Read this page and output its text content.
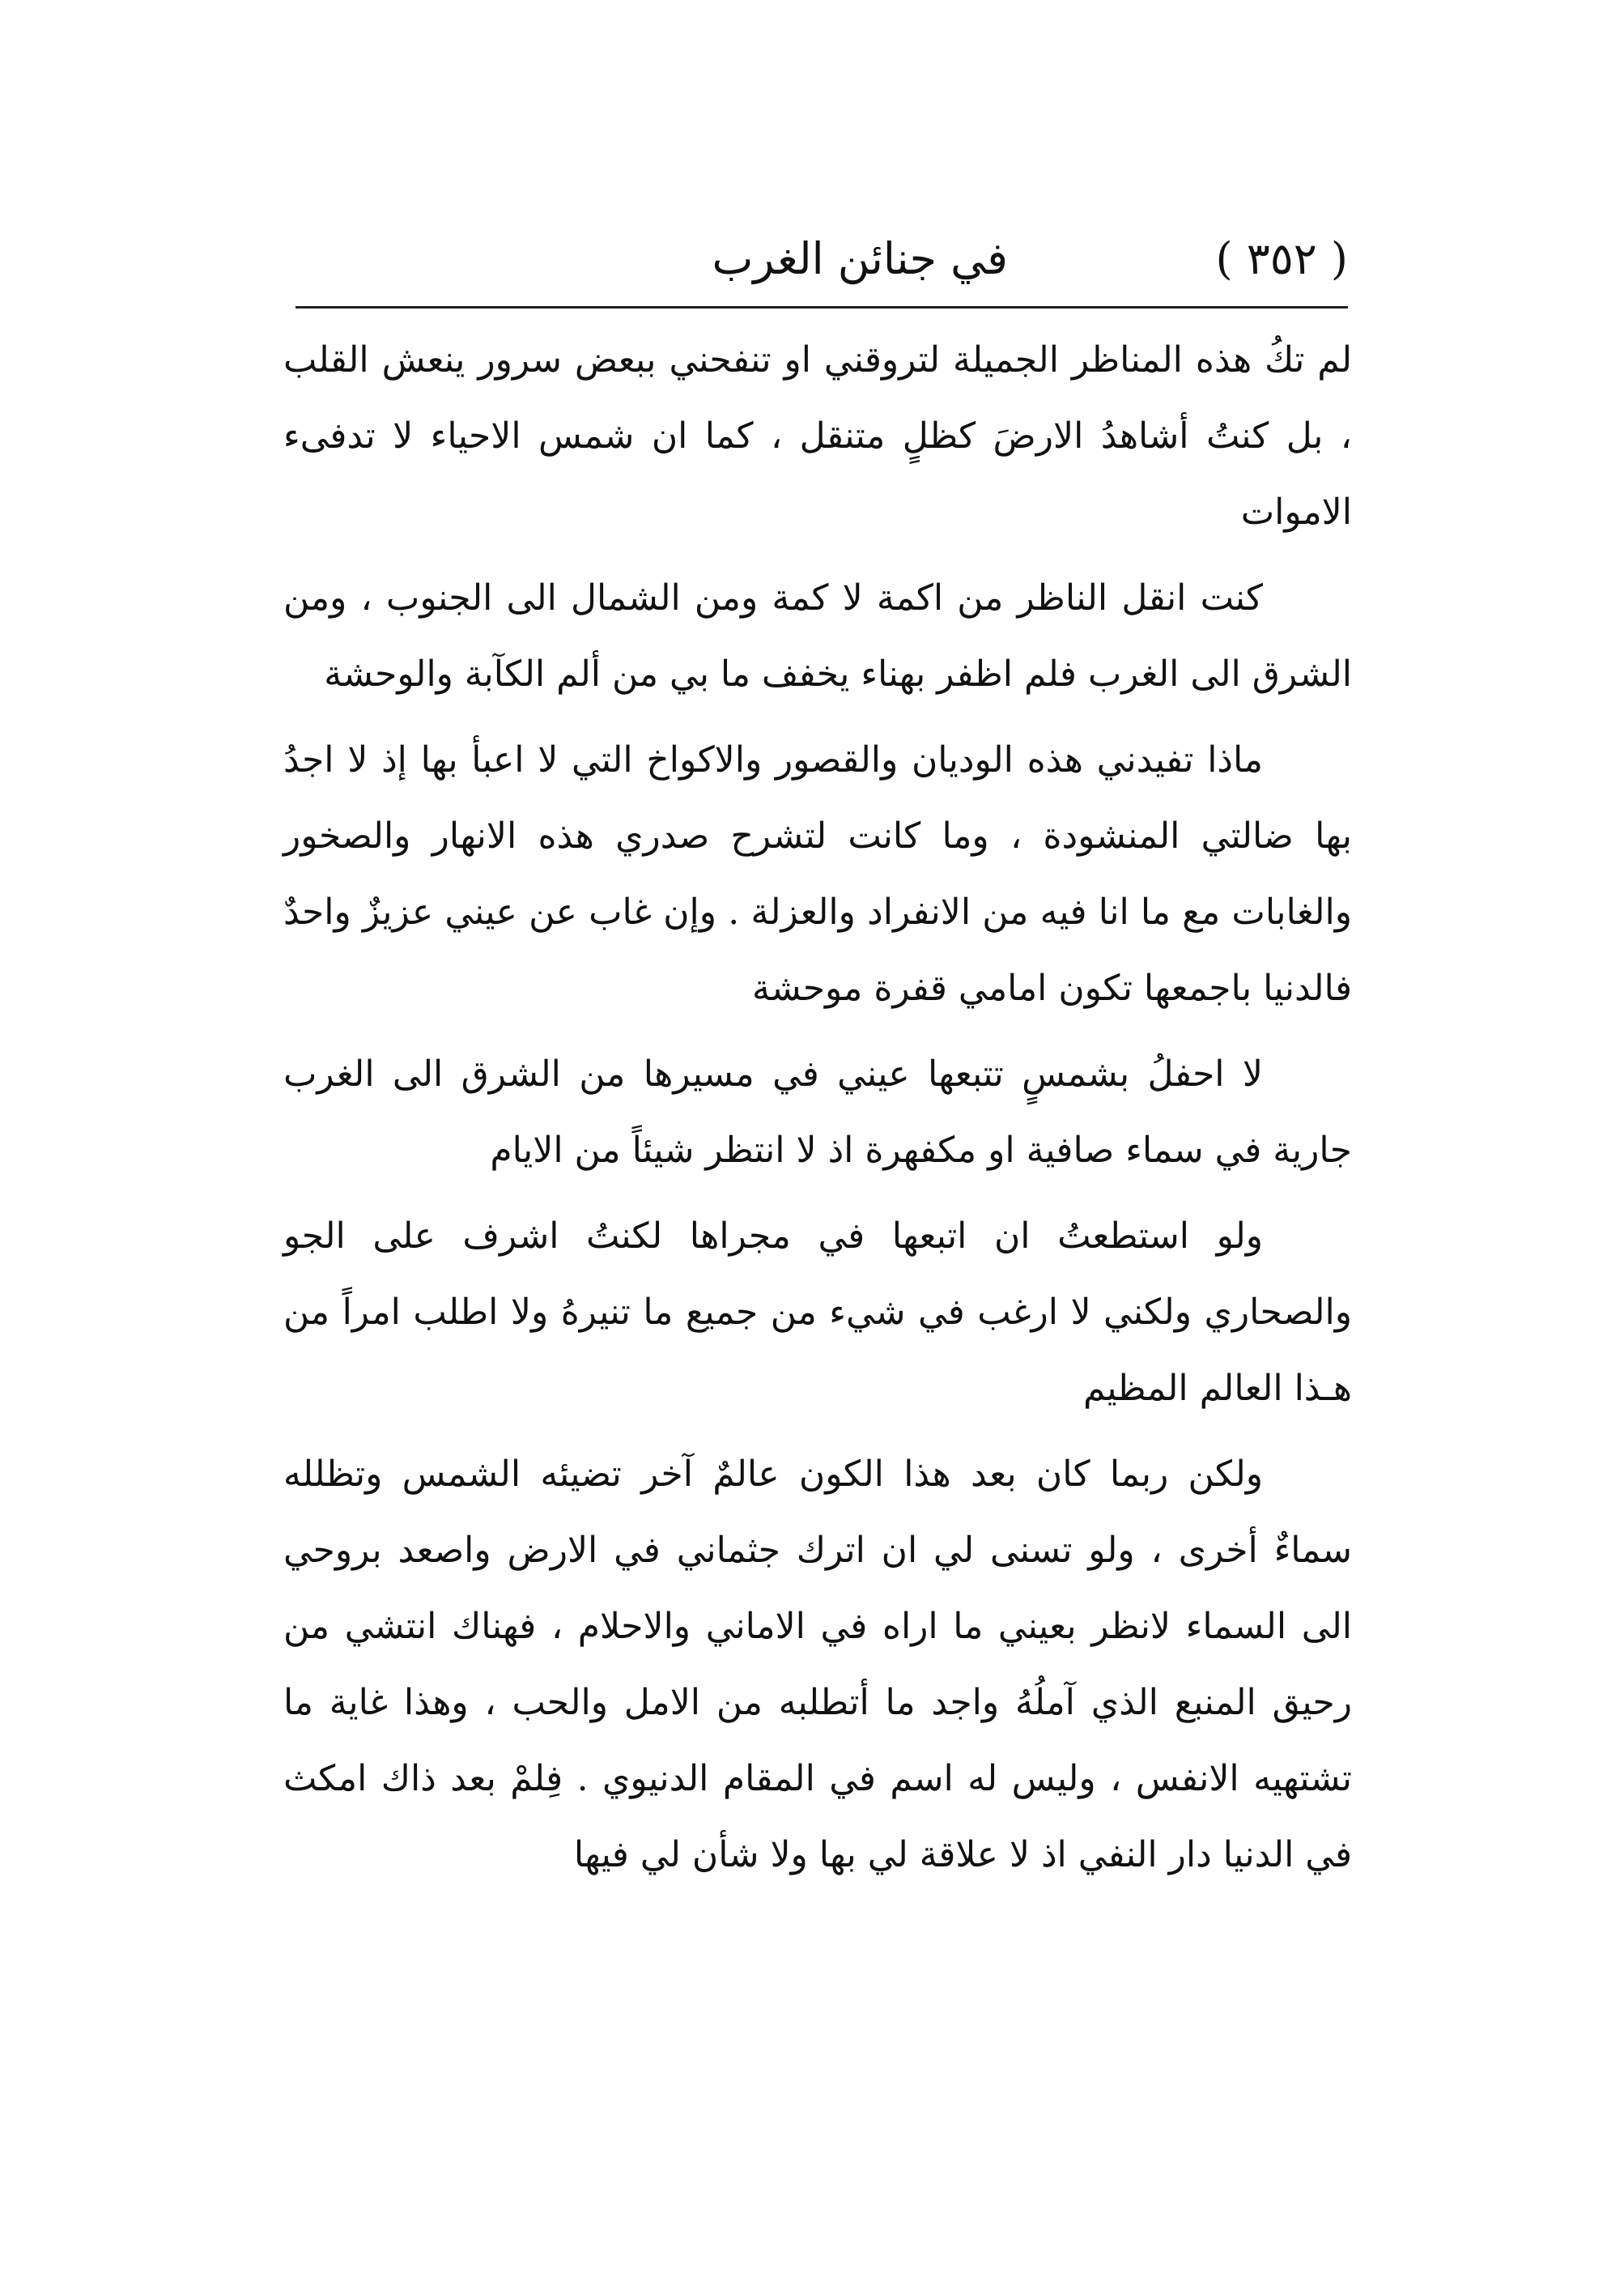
( ٣٥٢ )
في جنائن الغرب

لم تكُ هذه المناظر الجميلة لتروقني او تنفحني ببعض سرور ينعش القلب ، بل كنتُ أشاهدُ الارضَ كظلٍ متنقل ، كما ان شمس الاحياء لا تدفىء الاموات

كنت انقل الناظر من اكمة لا كمة ومن الشمال الى الجنوب ، ومن الشرق الى الغرب فلم اظفر بهناء يخفف ما بي من ألم الكآبة والوحشة

ماذا تفيدني هذه الوديان والقصور والاكواخ التي لا اعبأ بها إذ لا اجدُ بها ضالتي المنشودة ، وما كانت لتشرح صدري هذه الانهار والصخور والغابات مع ما انا فيه من الانفراد والعزلة . وإن غاب عن عيني عزيزٌ واحدٌ فالدنيا باجمعها تكون امامي قفرة موحشة

لا احفلُ بشمسٍ تتبعها عيني في مسيرها من الشرق الى الغرب جارية في سماء صافية او مكفهرة اذ لا انتظر شيئاً من الايام

ولو استطعتُ ان اتبعها في مجراها لكنتُ اشرف على الجو والصحاري ولكني لا ارغب في شيء من جميع ما تنيرهُ ولا اطلب امراً من هـذا العالم المظيم

ولكن ربما كان بعد هذا الكون عالمٌ آخر تضيئه الشمس وتظلله سماءٌ أخرى ، ولو تسنى لي ان اترك جثماني في الارض واصعد بروحي الى السماء لانظر بعيني ما اراه في الاماني والاحلام ، فهناك انتشي من رحيق المنبع الذي آملُهُ واجد ما أتطلبه من الامل والحب ، وهذا غاية ما تشتهيه الانفس ، وليس له اسم في المقام الدنيوي . فِلمْ بعد ذاك امكث في الدنيا دار النفي اذ لا علاقة لي بها ولا شأن لي فيها
